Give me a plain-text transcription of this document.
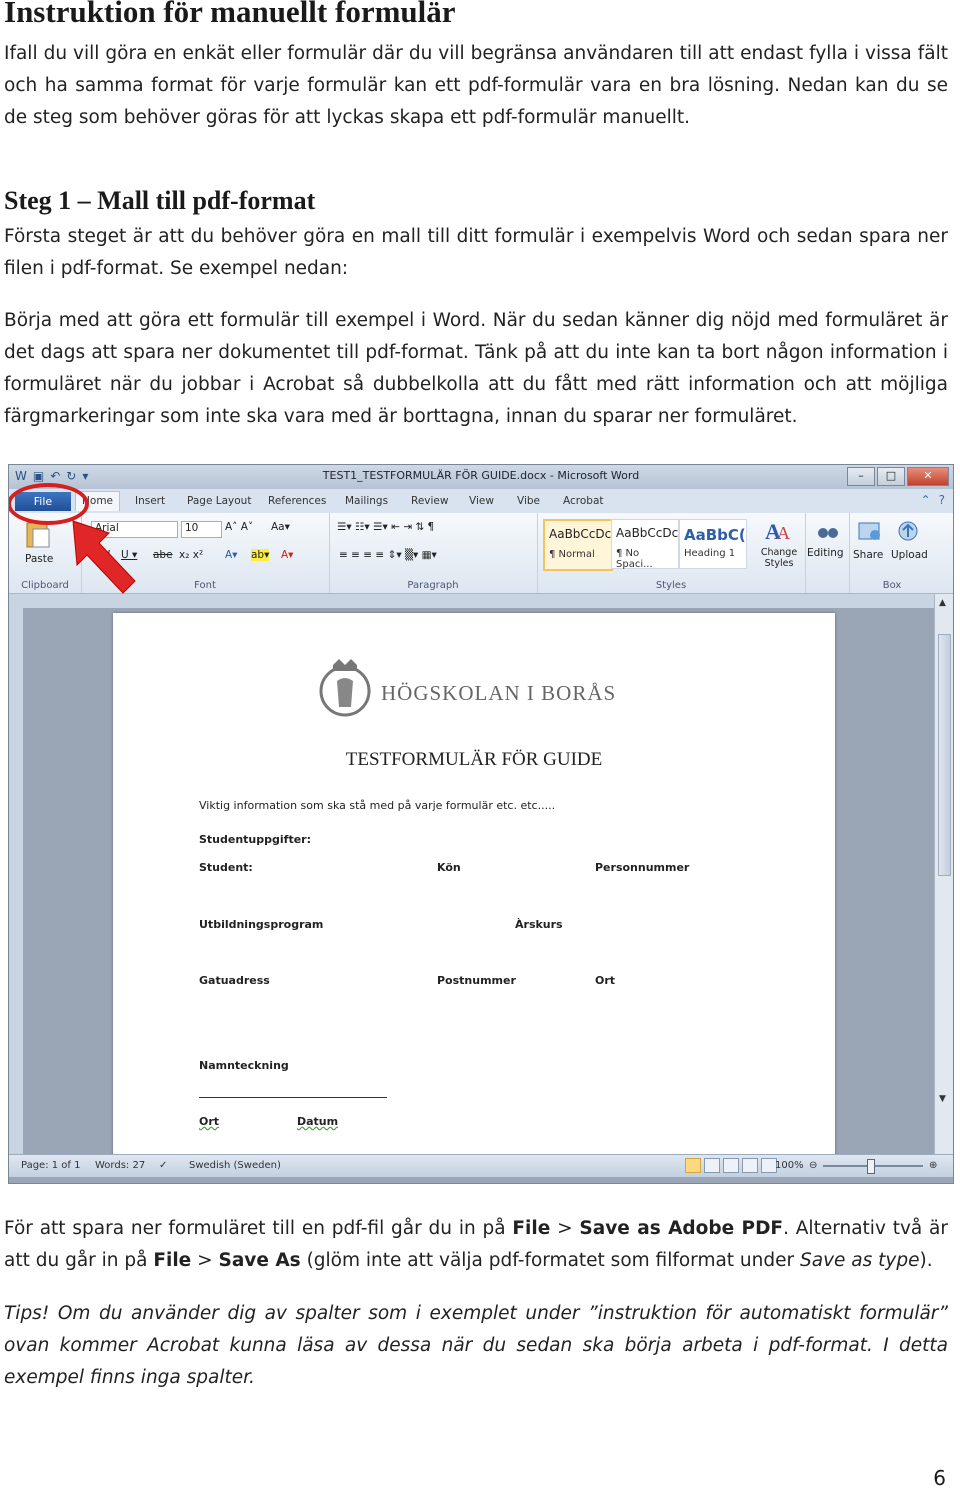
Instruktion för manuellt formulär

Ifall du vill göra en enkät eller formulär där du vill begränsa användaren till att endast fylla i vissa fält och ha samma format för varje formulär kan ett pdf-formulär vara en bra lösning. Nedan kan du se de steg som behöver göras för att lyckas skapa ett pdf-formulär manuellt.

Steg 1 – Mall till pdf-format

Första steget är att du behöver göra en mall till ditt formulär i exempelvis Word och sedan spara ner filen i pdf-format. Se exempel nedan:

Börja med att göra ett formulär till exempel i Word. När du sedan känner dig nöjd med formuläret är det dags att spara ner dokumentet till pdf-format. Tänk på att du inte kan ta bort någon information i formuläret när du jobbar i Acrobat så dubbelkolla att du fått med rätt information och att möjliga färgmarkeringar som inte ska vara med är borttagna, innan du sparar ner formuläret.

W ▣ ↶ ↻ ▾	TEST1_TESTFORMULÄR FÖR GUIDE.docx - Microsoft Word	–	□	✕
File	Home	Insert Page Layout References Mailings Review View Vibe Acrobat	⌃ ?
Paste
Clipboard
Arial	10	A˄ A˅ Aa▾
U ▾ abe x₂ x² A▾ ab▾ A▾
Font
☰▾ ☷▾ ☰▾ ⇤ ⇥ ⇅ ¶
≡ ≡ ≡ ≡ ⇕▾ ▒▾ ▦▾
Paragraph
AaBbCcDc
¶ Normal
AaBbCcDc
¶ No Spaci...
AaBbC(
Heading 1
A
A
Change Styles
Styles
Editing Share Upload
Box
HÖGSKOLAN I BORÅS
TESTFORMULÄR FÖR GUIDE
Viktig information som ska stå med på varje formulär etc. etc.....
Studentuppgifter:
Student:	Kön	Personnummer
Utbildningsprogram	Àrskurs
Gatuadress	Postnummer	Ort
Namnteckning
Ort	Datum
▲
▼
Page: 1 of 1 Words: 27 ✓ Swedish (Sweden)	100% ⊖	⊕

För att spara ner formuläret till en pdf-fil går du in på File > Save as Adobe PDF. Alternativ två är att du går in på File > Save As (glöm inte att välja pdf-formatet som filformat under Save as type).

Tips! Om du använder dig av spalter som i exemplet under ”instruktion för automatiskt formulär” ovan kommer Acrobat kunna läsa av dessa när du sedan ska börja arbeta i pdf-format. I detta exempel finns inga spalter.

6
